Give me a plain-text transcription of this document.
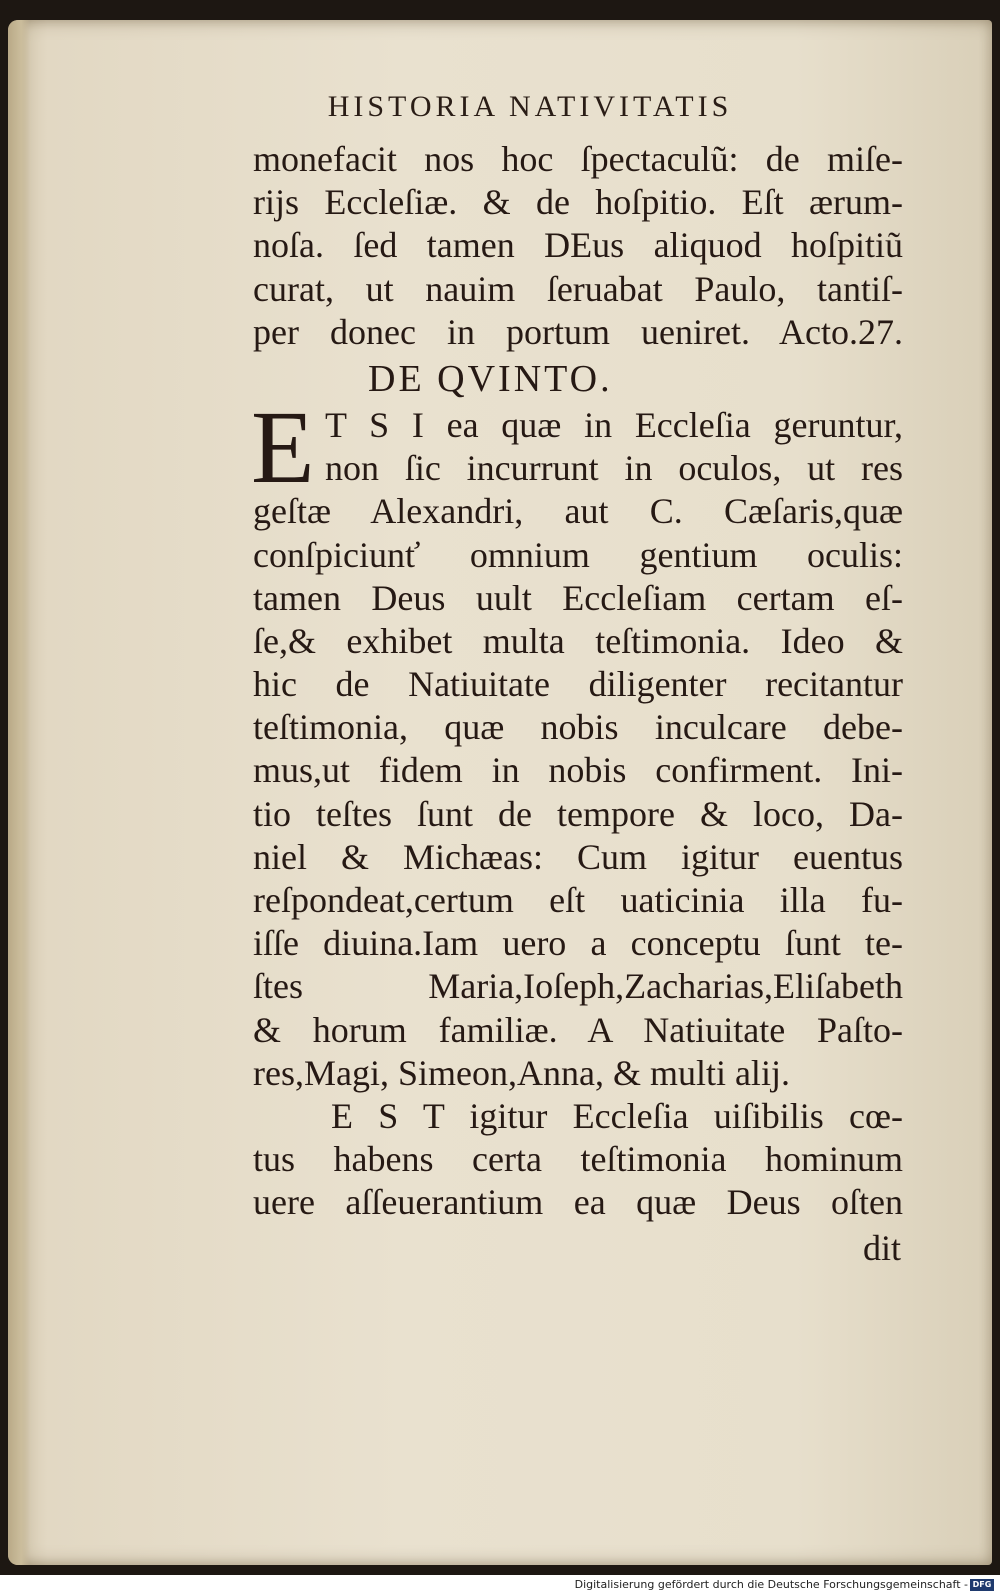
HISTORIA NATIVITATIS
monefacit nos hoc ſpectaculũ: de miſe-
rijs Eccleſiæ. & de hoſpitio. Eſt ærum-
noſa. ſed tamen DEus aliquod hoſpitiũ
curat, ut nauim ſeruabat Paulo, tantiſ-
per donec in portum ueniret. Acto.27.
DE QVINTO.
E T S I ea quæ in Eccleſia geruntur,
non ſic incurrunt in oculos, ut res
geſtæ Alexandri, aut C. Cæſaris,quæ
conſpiciunť omnium gentium oculis:
tamen Deus uult Eccleſiam certam eſ-
ſe,& exhibet multa teſtimonia. Ideo &
hic de Natiuitate diligenter recitantur
teſtimonia, quæ nobis inculcare debe-
mus,ut fidem in nobis confirment. Ini-
tio teſtes ſunt de tempore & loco, Da-
niel & Michæas: Cum igitur euentus
reſpondeat,certum eſt uaticinia illa fu-
iſſe diuina.Iam uero a conceptu ſunt te-
ſtes Maria,Ioſeph,Zacharias,Eliſabeth
& horum familiæ. A Natiuitate Paſto-
res,Magi, Simeon,Anna, & multi alij.
E S T igitur Eccleſia uiſibilis cœ-
tus habens certa teſtimonia hominum
uere aſſeuerantium ea quæ Deus oſten
dit
Digitalisierung gefördert durch die Deutsche Forschungsgemeinschaft - DFG
